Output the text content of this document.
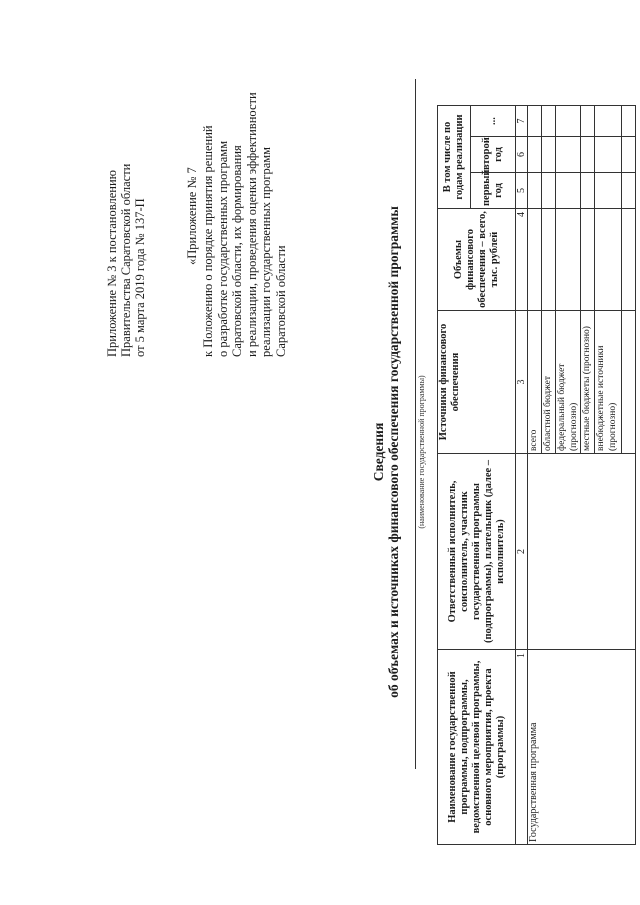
Приложение № 3 к постановлению Правительства Саратовской области от 5 марта 2019 года № 137-П	«Приложение № 7 к Положению о порядке принятия решений о разработке государственных программ Саратовской области, их формирования и реализации, проведения оценки эффективности реализации государственных программ Саратовской области
Сведения об объемах и источниках финансового обеспечения государственной программы (наименование государственной программы)
Наименование государственной программы, подпрограммы, ведомственной целевой программы, основного мероприятия, проекта (программы)	Ответственный исполнитель, соисполнитель, участник государственной программы (подпрограммы), плательщик (далее – исполнитель)	Источники финансового обеспечения	Объемы финансового обеспечения – всего, тыс. рублей	В том числе по годам реализации			
				первый год	второй год	...	
1	2	3	4	5	6	7	
Государственная программа		всего					
		областной бюджет					
		федеральный бюджет (прогнозно)					
		местные бюджеты (прогнозно)					
		внебюджетные источники (прогнозно)					
